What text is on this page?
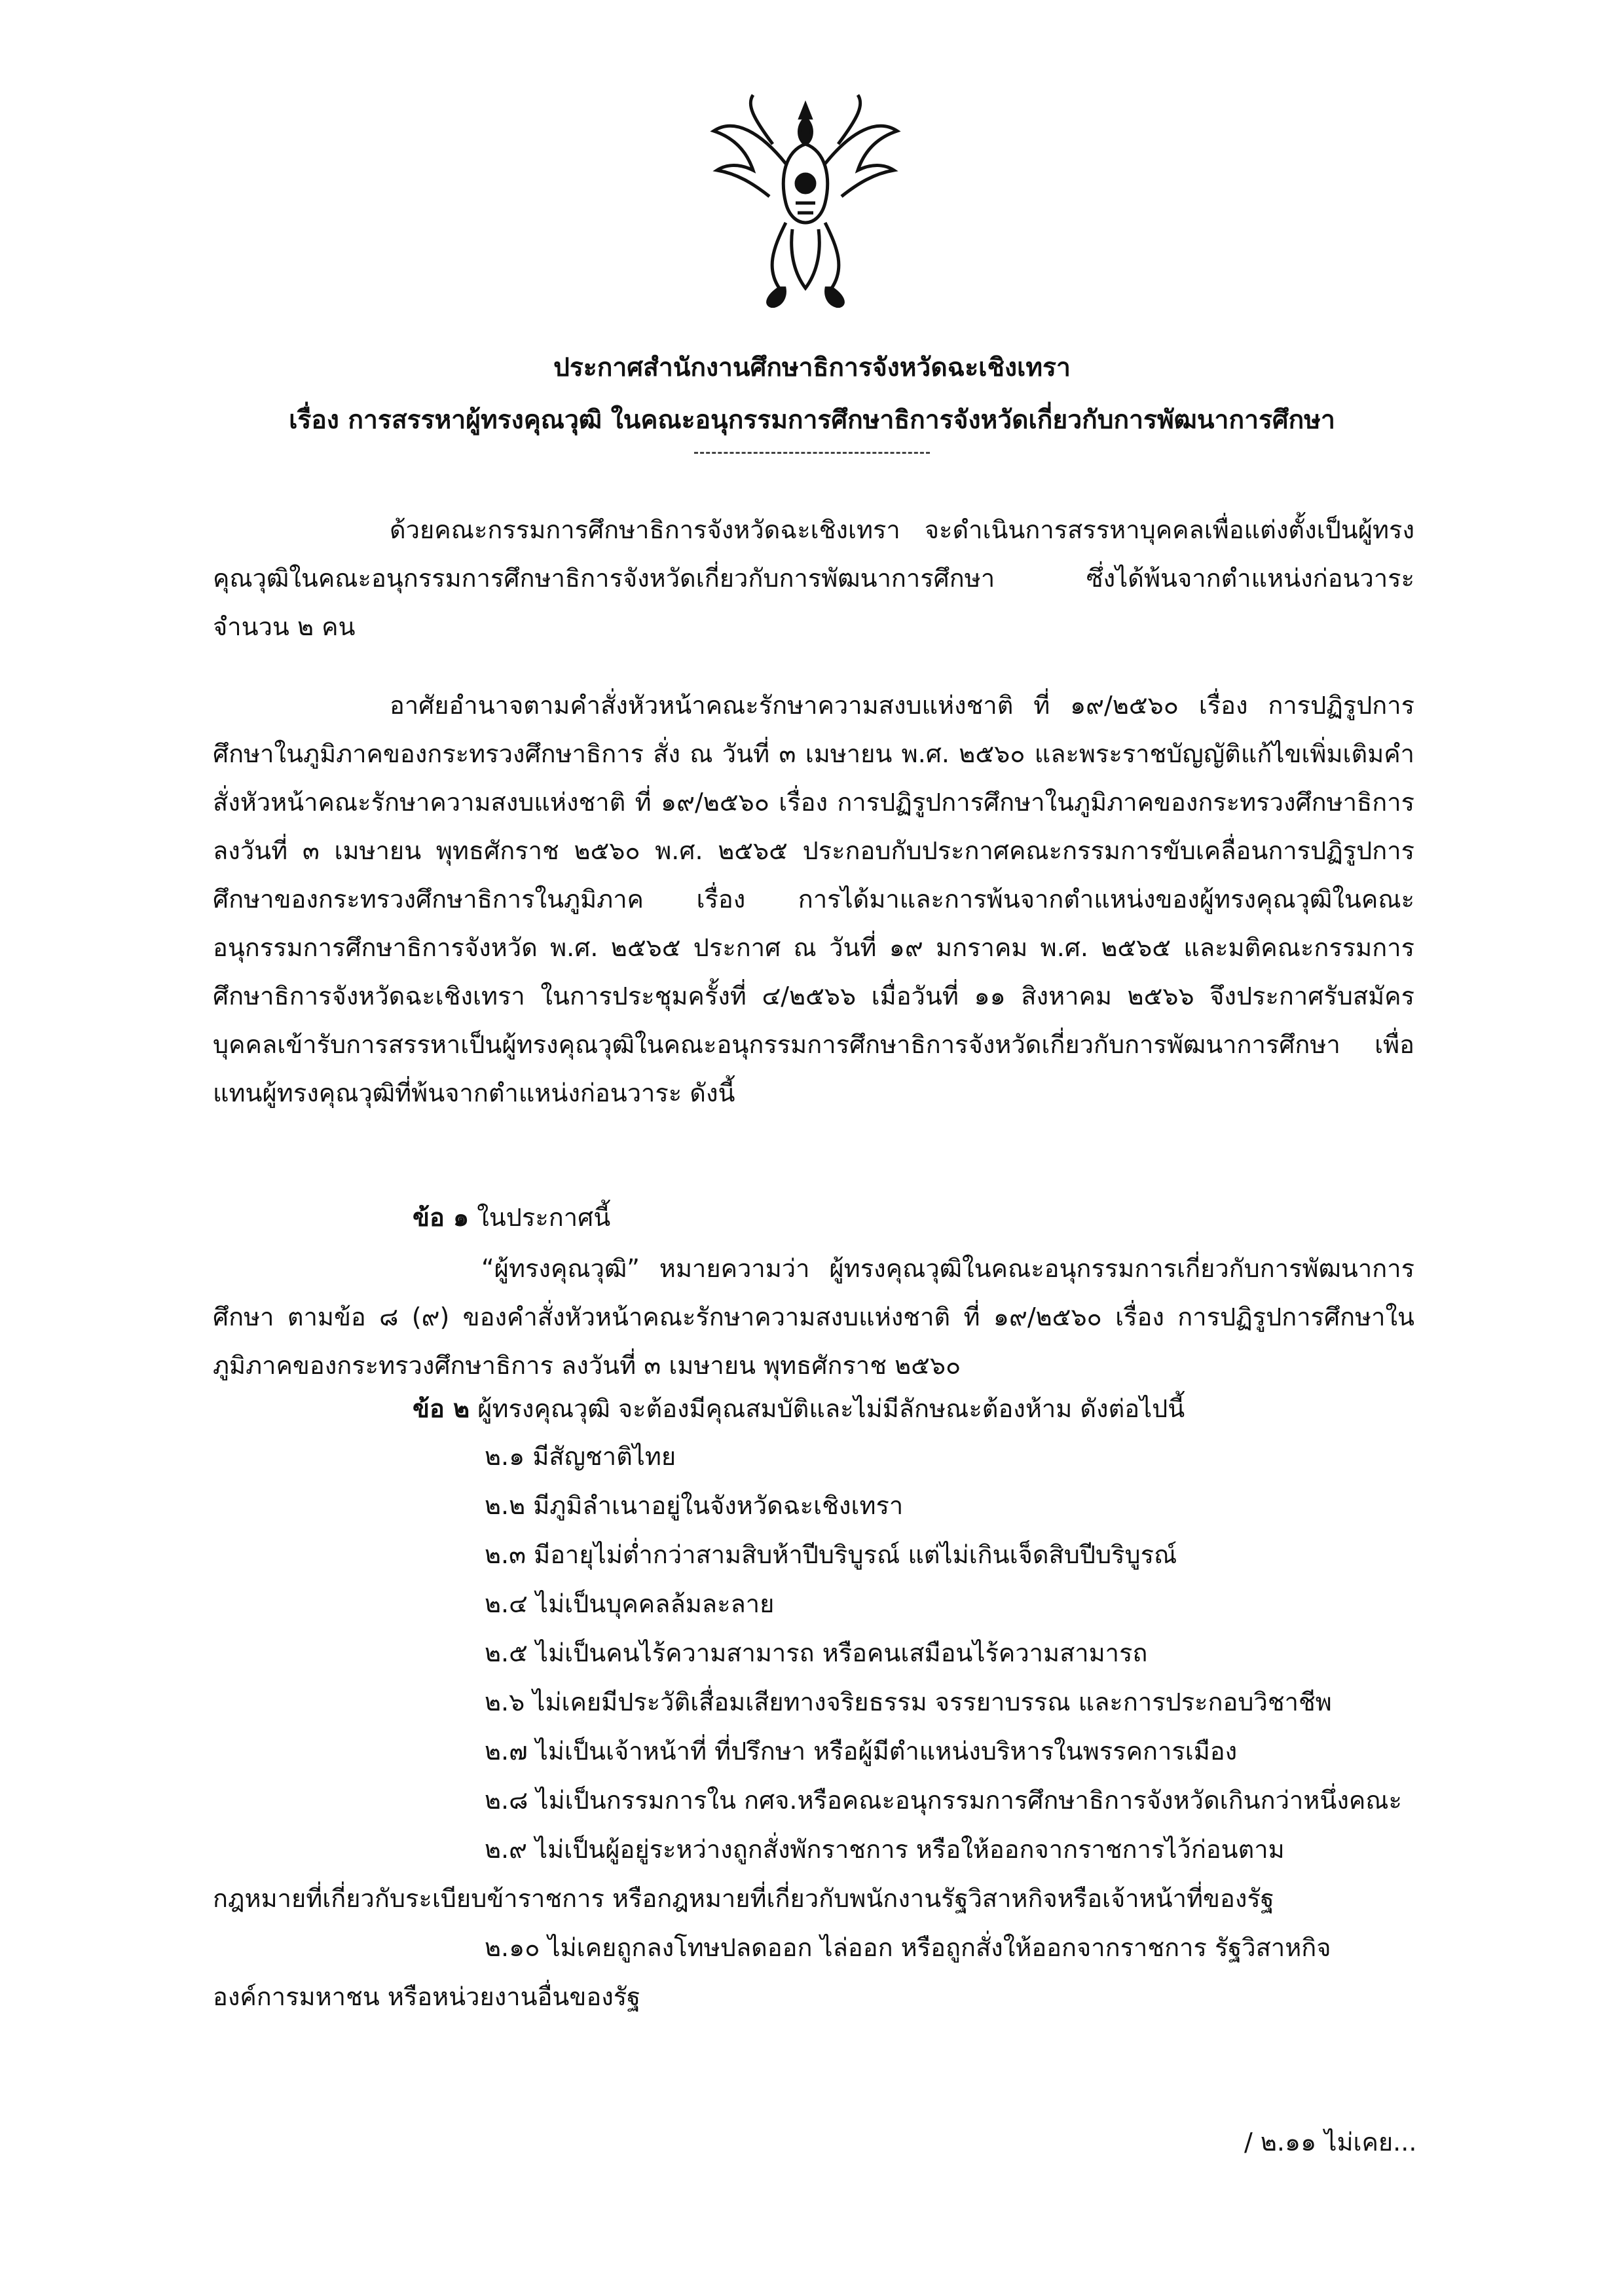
ประกาศสำนักงานศึกษาธิการจังหวัดฉะเชิงเทรา
เรื่อง การสรรหาผู้ทรงคุณวุฒิ ในคณะอนุกรรมการศึกษาธิการจังหวัดเกี่ยวกับการพัฒนาการศึกษา

ด้วยคณะกรรมการศึกษาธิการจังหวัดฉะเชิงเทรา จะดำเนินการสรรหาบุคคลเพื่อแต่งตั้งเป็นผู้ทรงคุณวุฒิในคณะอนุกรรมการศึกษาธิการจังหวัดเกี่ยวกับการพัฒนาการศึกษา ซึ่งได้พ้นจากตำแหน่งก่อนวาระ จำนวน ๒ คน

อาศัยอำนาจตามคำสั่งหัวหน้าคณะรักษาความสงบแห่งชาติ ที่ ๑๙/๒๕๖๐ เรื่อง การปฏิรูปการศึกษาในภูมิภาคของกระทรวงศึกษาธิการ สั่ง ณ วันที่ ๓ เมษายน พ.ศ. ๒๕๖๐ และพระราชบัญญัติแก้ไขเพิ่มเติมคำสั่งหัวหน้าคณะรักษาความสงบแห่งชาติ ที่ ๑๙/๒๕๖๐ เรื่อง การปฏิรูปการศึกษาในภูมิภาคของกระทรวงศึกษาธิการ ลงวันที่ ๓ เมษายน พุทธศักราช ๒๕๖๐ พ.ศ. ๒๕๖๕ ประกอบกับประกาศคณะกรรมการขับเคลื่อนการปฏิรูปการศึกษาของกระทรวงศึกษาธิการในภูมิภาค เรื่อง การได้มาและการพ้นจากตำแหน่งของผู้ทรงคุณวุฒิในคณะอนุกรรมการศึกษาธิการจังหวัด พ.ศ. ๒๕๖๕ ประกาศ ณ วันที่ ๑๙ มกราคม พ.ศ. ๒๕๖๕ และมติคณะกรรมการศึกษาธิการจังหวัดฉะเชิงเทรา ในการประชุมครั้งที่ ๔/๒๕๖๖ เมื่อวันที่ ๑๑ สิงหาคม ๒๕๖๖ จึงประกาศรับสมัครบุคคลเข้ารับการสรรหาเป็นผู้ทรงคุณวุฒิในคณะอนุกรรมการศึกษาธิการจังหวัดเกี่ยวกับการพัฒนาการศึกษา เพื่อแทนผู้ทรงคุณวุฒิที่พ้นจากตำแหน่งก่อนวาระ ดังนี้

ข้อ ๑ ในประกาศนี้

“ผู้ทรงคุณวุฒิ” หมายความว่า ผู้ทรงคุณวุฒิในคณะอนุกรรมการเกี่ยวกับการพัฒนาการศึกษา ตามข้อ ๘ (๙) ของคำสั่งหัวหน้าคณะรักษาความสงบแห่งชาติ ที่ ๑๙/๒๕๖๐ เรื่อง การปฏิรูปการศึกษาในภูมิภาคของกระทรวงศึกษาธิการ ลงวันที่ ๓ เมษายน พุทธศักราช ๒๕๖๐

ข้อ ๒ ผู้ทรงคุณวุฒิ จะต้องมีคุณสมบัติและไม่มีลักษณะต้องห้าม ดังต่อไปนี้
๒.๑ มีสัญชาติไทย
๒.๒ มีภูมิลำเนาอยู่ในจังหวัดฉะเชิงเทรา
๒.๓ มีอายุไม่ต่ำกว่าสามสิบห้าปีบริบูรณ์ แต่ไม่เกินเจ็ดสิบปีบริบูรณ์
๒.๔ ไม่เป็นบุคคลล้มละลาย
๒.๕ ไม่เป็นคนไร้ความสามารถ หรือคนเสมือนไร้ความสามารถ
๒.๖ ไม่เคยมีประวัติเสื่อมเสียทางจริยธรรม จรรยาบรรณ และการประกอบวิชาชีพ
๒.๗ ไม่เป็นเจ้าหน้าที่ ที่ปรึกษา หรือผู้มีตำแหน่งบริหารในพรรคการเมือง
๒.๘ ไม่เป็นกรรมการใน กศจ.หรือคณะอนุกรรมการศึกษาธิการจังหวัดเกินกว่าหนึ่งคณะ
๒.๙ ไม่เป็นผู้อยู่ระหว่างถูกสั่งพักราชการ หรือให้ออกจากราชการไว้ก่อนตาม
กฎหมายที่เกี่ยวกับระเบียบข้าราชการ หรือกฎหมายที่เกี่ยวกับพนักงานรัฐวิสาหกิจหรือเจ้าหน้าที่ของรัฐ
๒.๑๐ ไม่เคยถูกลงโทษปลดออก ไล่ออก หรือถูกสั่งให้ออกจากราชการ รัฐวิสาหกิจ
องค์การมหาชน หรือหน่วยงานอื่นของรัฐ
/ ๒.๑๑ ไม่เคย...
